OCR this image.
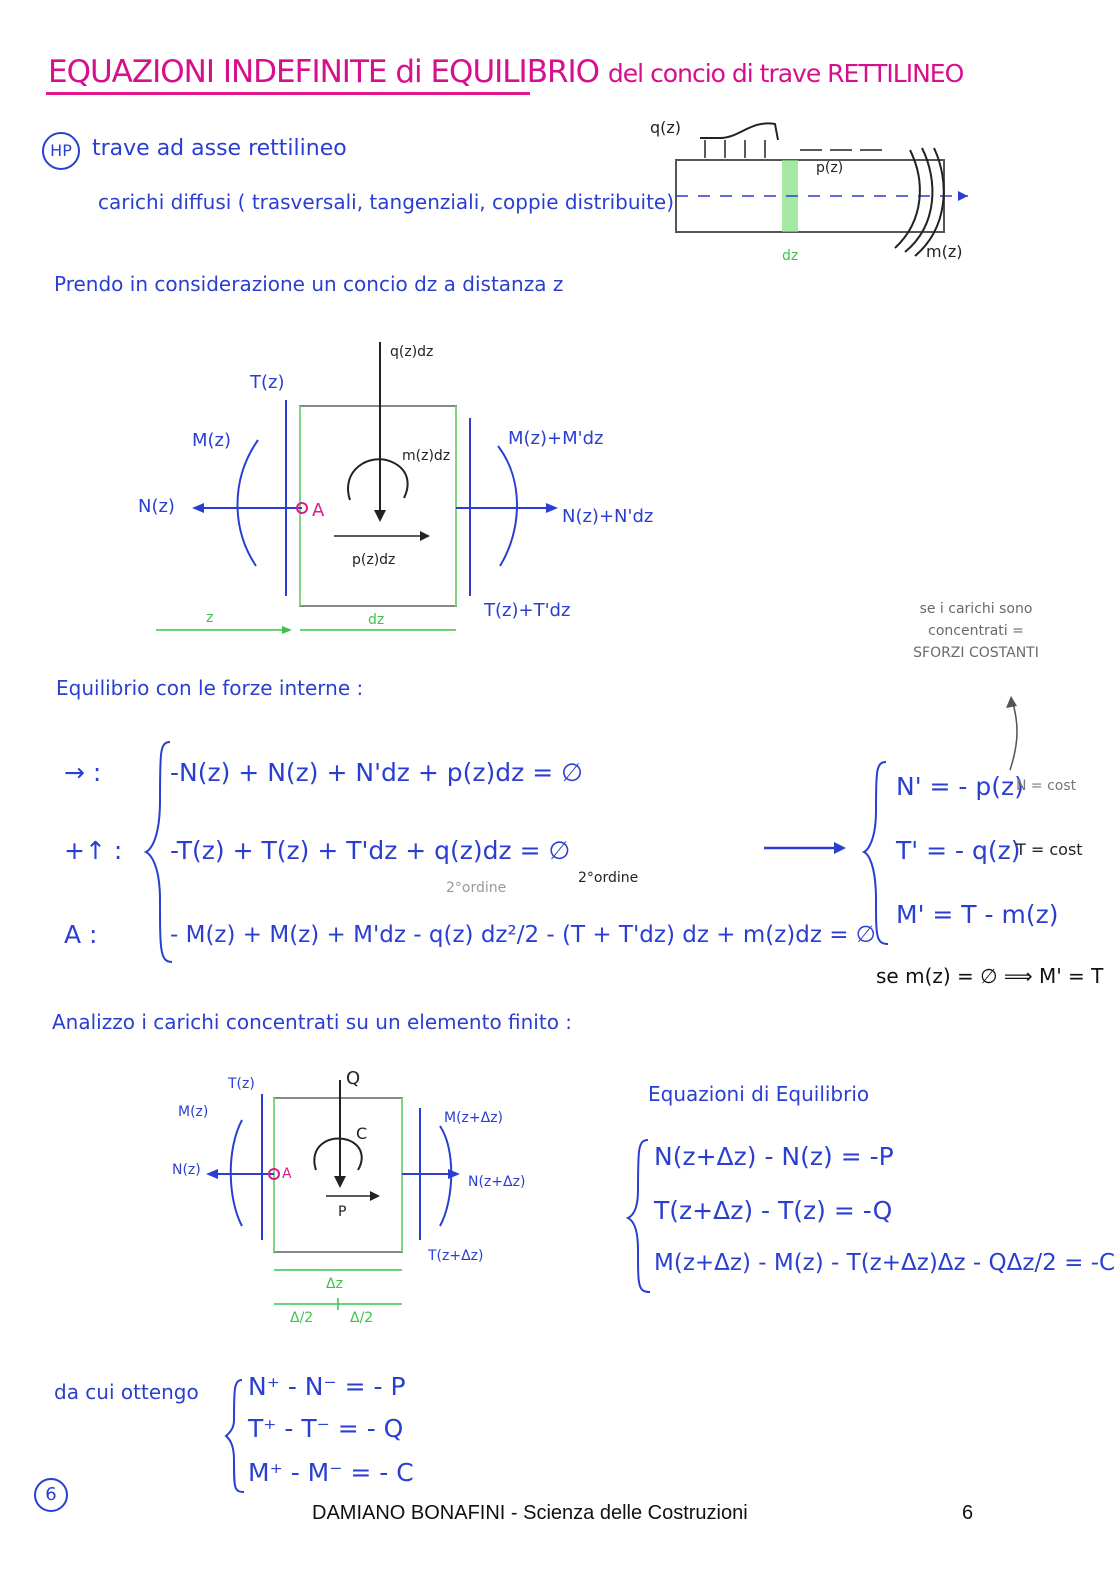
EQUAZIONI INDEFINITE di EQUILIBRIO del concio di trave RETTILINEO
HP trave ad asse rettilineo
carichi diffusi ( trasversali, tangenziali, coppie distribuite)
Prendo in considerazione un concio dz a distanza z
q(z)
p(z)
dz	m(z)
q(z)dz
T(z)
M(z)
N(z)	A
m(z)dz
p(z)dz
M(z)+M'dz
N(z)+N'dz
T(z)+T'dz
z	dz
se i carichi sono
concentrati =
SFORZI COSTANTI
Equilibrio con le forze interne :
→ :	-N(z) + N(z) + N'dz + p(z)dz = ∅
+↑ : -T(z) + T(z) + T'dz + q(z)dz = ∅
2°ordine
2°ordine
A :	- M(z) + M(z) + M'dz - q(z) dz²/2 - (T + T'dz) dz + m(z)dz = ∅
N' = - p(z)
N = cost
T' = - q(z)
T = cost
M' = T - m(z)
se m(z) = ∅ ⟹ M' = T
Analizzo i carichi concentrati su un elemento finito :
T(z)	Q
M(z)
C
N(z)	A
P
M(z+Δz)
N(z+Δz)
T(z+Δz)
Δz
Δ/2	Δ/2
Equazioni di Equilibrio
N(z+Δz) - N(z) = -P
T(z+Δz) - T(z) = -Q
M(z+Δz) - M(z) - T(z+Δz)Δz - QΔz/2 = -C
da cui ottengo N⁺ - N⁻ = - P
T⁺ - T⁻ = - Q
M⁺ - M⁻ = - C
6
DAMIANO BONAFINI - Scienza delle Costruzioni	6
